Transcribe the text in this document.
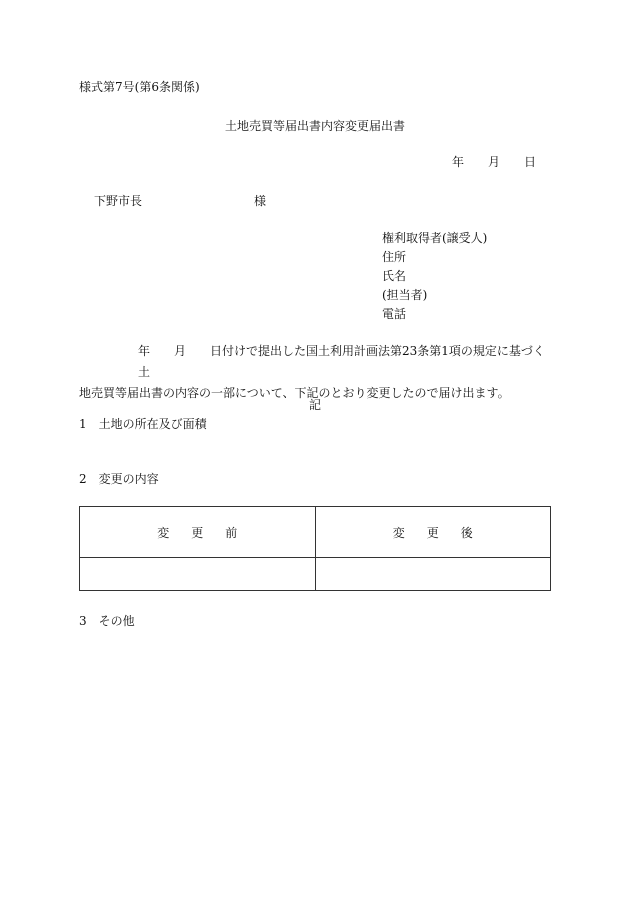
様式第7号(第6条関係)
土地売買等届出書内容変更届出書
年 月 日
下野市長	様
権利取得者(譲受人)
住所
氏名
(担当者)
電話
年 月 日付けで提出した国土利用計画法第23条第1項の規定に基づく土
地売買等届出書の内容の一部について、下記のとおり変更したので届け出ます。
記
1　土地の所在及び面積
2　変更の内容
変更前	変更後

3　その他
